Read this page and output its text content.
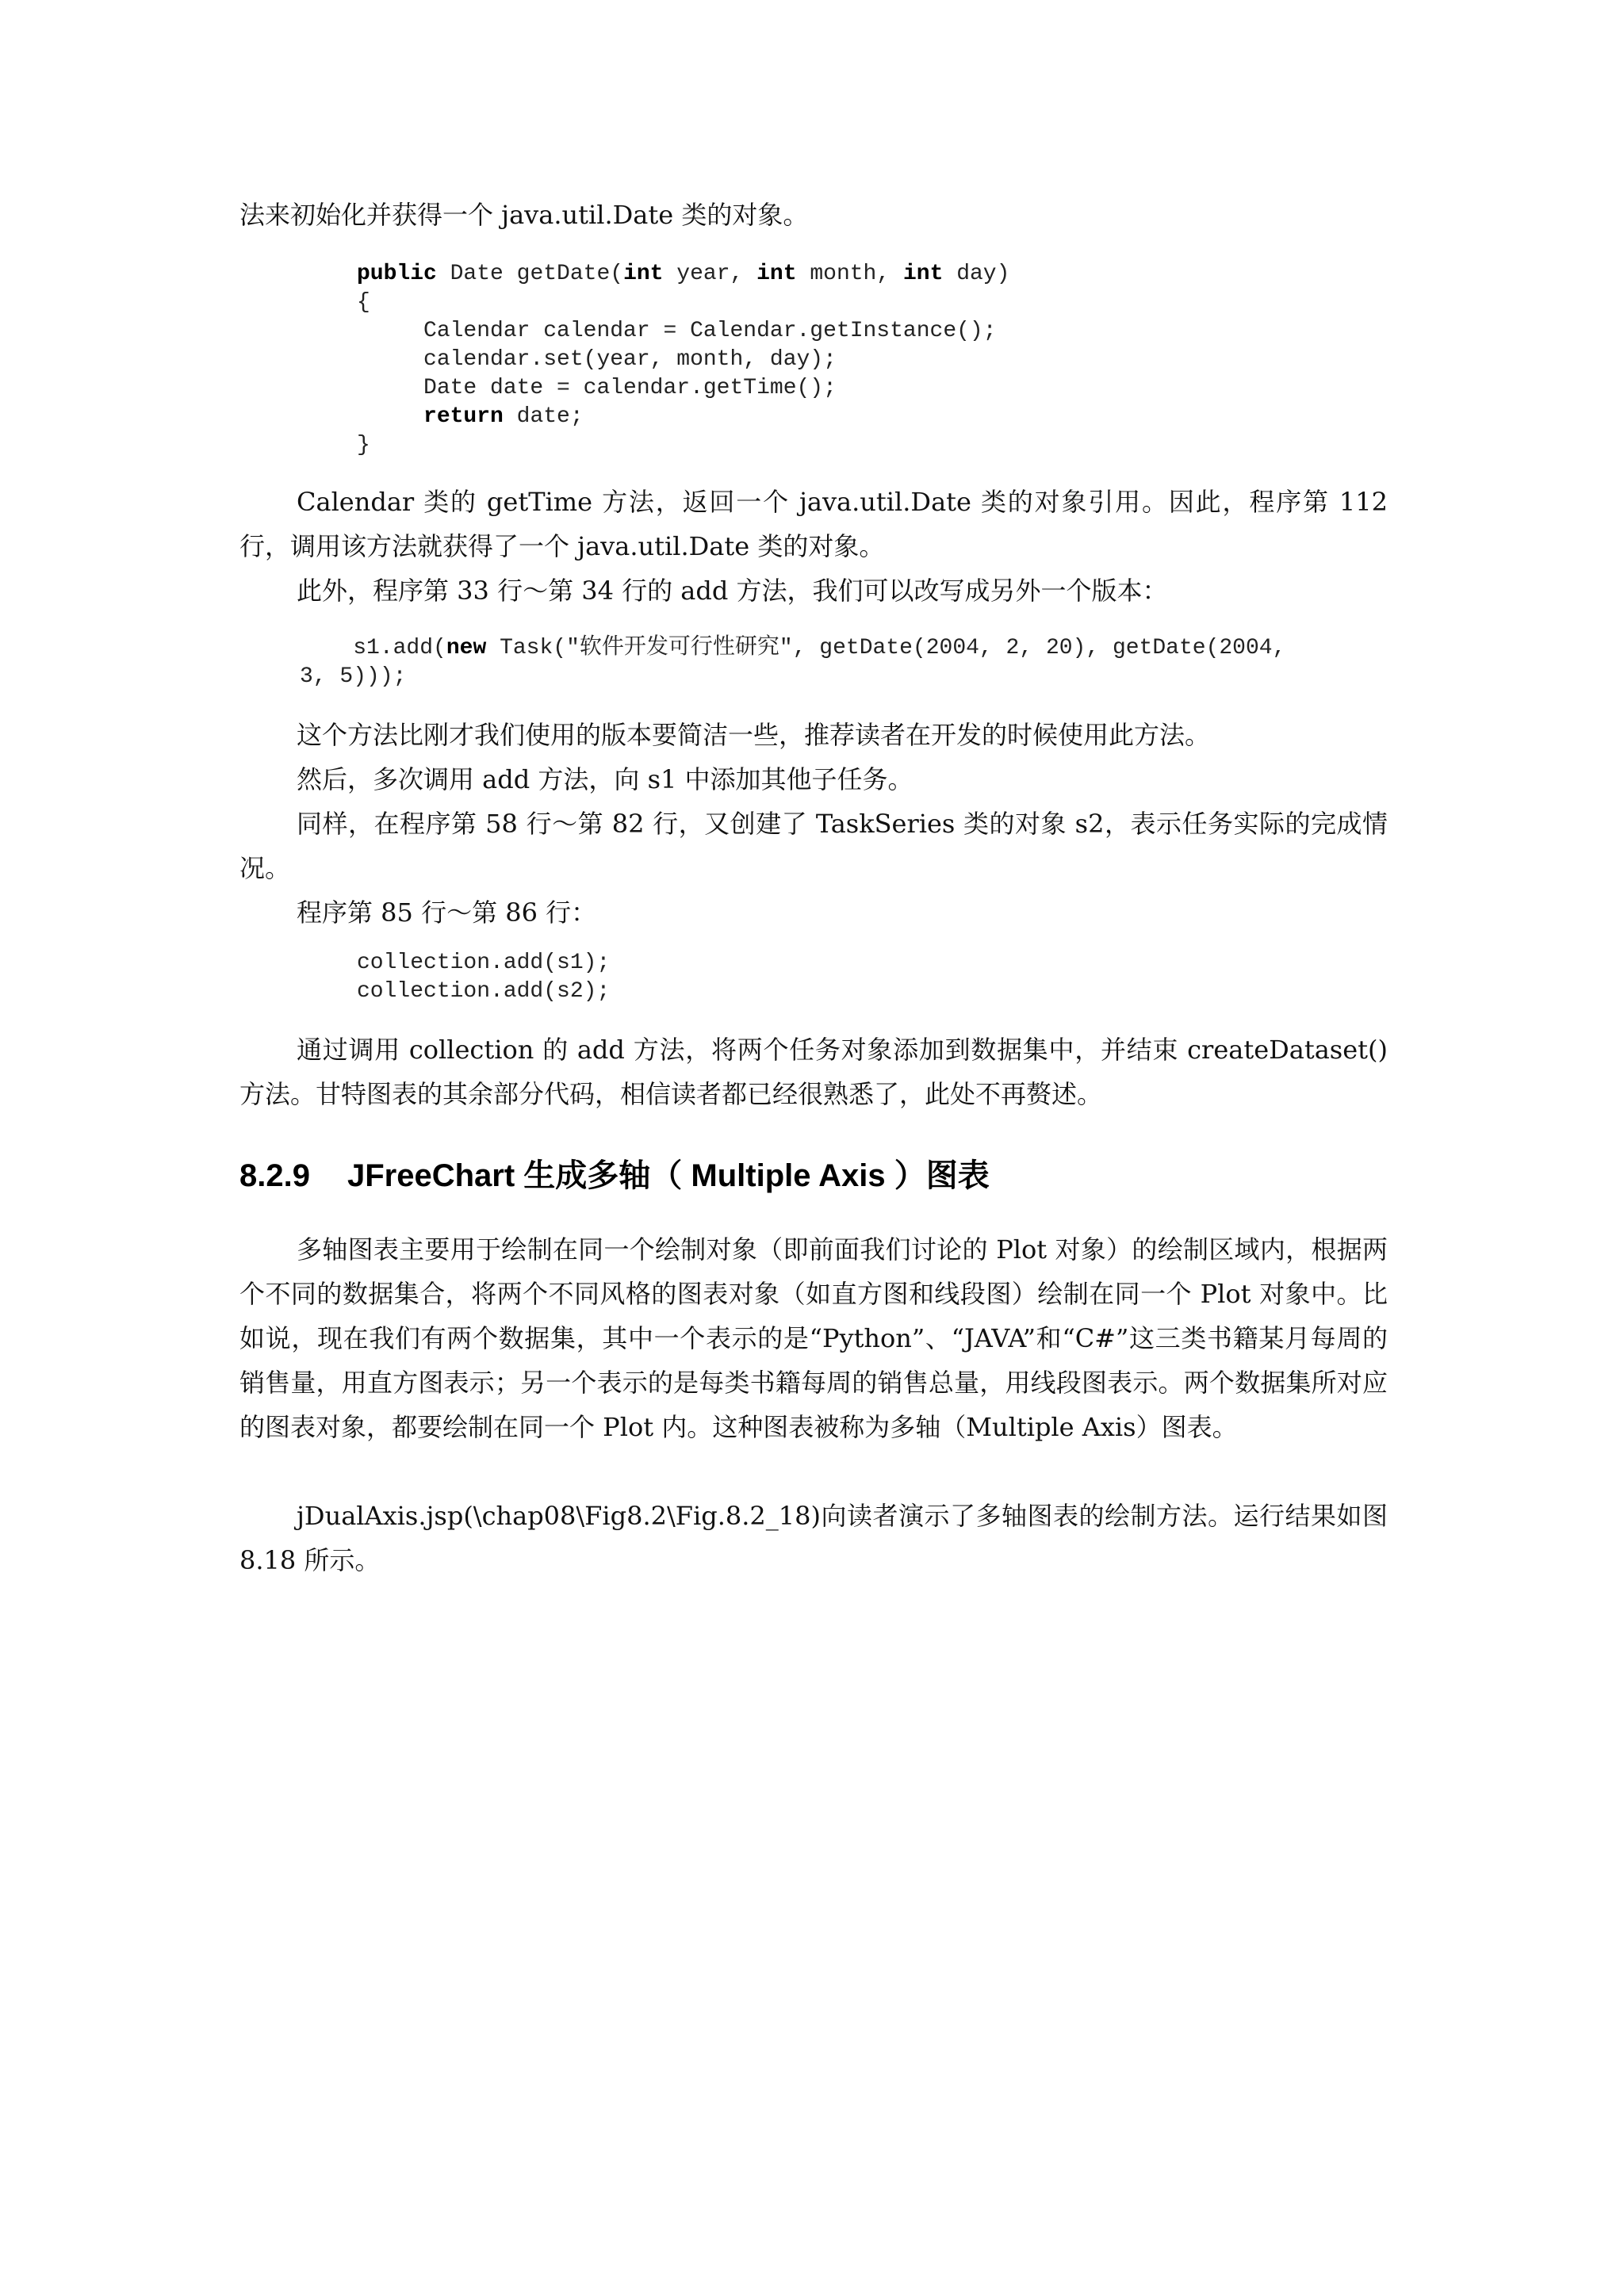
法来初始化并获得一个 java.util.Date 类的对象。

public Date getDate(int year, int month, int day)
{
Calendar calendar = Calendar.getInstance();
calendar.set(year, month, day);
Date date = calendar.getTime();
return date;
}

Calendar 类的 getTime 方法，返回一个 java.util.Date 类的对象引用。因此，程序第 112 行，调用该方法就获得了一个 java.util.Date 类的对象。

此外，程序第 33 行～第 34 行的 add 方法，我们可以改写成另外一个版本：

s1.add(new Task("软件开发可行性研究", getDate(2004, 2, 20), getDate(2004,
3, 5)));

这个方法比刚才我们使用的版本要简洁一些，推荐读者在开发的时候使用此方法。

然后，多次调用 add 方法，向 s1 中添加其他子任务。

同样，在程序第 58 行～第 82 行，又创建了 TaskSeries 类的对象 s2，表示任务实际的完成情况。

程序第 85 行～第 86 行：

collection.add(s1);
collection.add(s2);

通过调用 collection 的 add 方法，将两个任务对象添加到数据集中，并结束 createDataset() 方法。甘特图表的其余部分代码，相信读者都已经很熟悉了，此处不再赘述。

8.2.9 JFreeChart 生成多轴（ Multiple Axis ）图表

多轴图表主要用于绘制在同一个绘制对象（即前面我们讨论的 Plot 对象）的绘制区域内，根据两个不同的数据集合，将两个不同风格的图表对象（如直方图和线段图）绘制在同一个 Plot 对象中。比如说，现在我们有两个数据集，其中一个表示的是“Python”、“JAVA”和“C#”这三类书籍某月每周的销售量，用直方图表示；另一个表示的是每类书籍每周的销售总量，用线段图表示。两个数据集所对应的图表对象，都要绘制在同一个 Plot 内。这种图表被称为多轴（Multiple Axis）图表。

jDualAxis.jsp(\chap08\Fig8.2\Fig.8.2_18)向读者演示了多轴图表的绘制方法。运行结果如图 8.18 所示。
